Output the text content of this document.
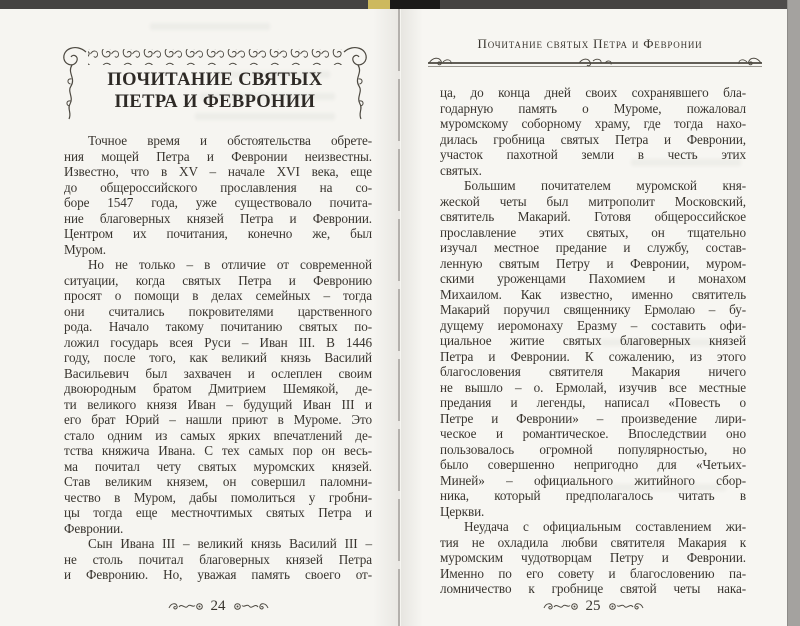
ПОЧИТАНИЕ СВЯТЫХ
ПЕТРА И ФЕВРОНИИ
Точное время и обстоятельства обрете-
ния мощей Петра и Февронии неизвестны.
Известно, что в XV – начале XVI века, еще
до общероссийского прославления на со-
боре 1547 года, уже существовало почита-
ние благоверных князей Петра и Февронии.
Центром их почитания, конечно же, был
Муром.
Но не только – в отличие от современной
ситуации, когда святых Петра и Февронию
просят о помощи в делах семейных – тогда
они считались покровителями царственного
рода. Начало такому почитанию святых по-
ложил государь всея Руси – Иван III. В 1446
году, после того, как великий князь Василий
Васильевич был захвачен и ослеплен своим
двоюродным братом Дмитрием Шемякой, де-
ти великого князя Иван – будущий Иван III и
его брат Юрий – нашли приют в Муроме. Это
стало одним из самых ярких впечатлений де-
тства княжича Ивана. С тех самых пор он весь-
ма почитал чету святых муромских князей.
Став великим князем, он совершил паломни-
чество в Муром, дабы помолиться у гробни-
цы тогда еще местночтимых святых Петра и
Февронии.
Сын Ивана III – великий князь Василий III –
не столь почитал благоверных князей Петра
и Февронию. Но, уважая память своего от-
24
Почитание святых Петра и Февронии
ца, до конца дней своих сохранявшего бла-
годарную память о Муроме, пожаловал
муромскому соборному храму, где тогда нахо-
дилась гробница святых Петра и Февронии,
участок пахотной земли в честь этих
святых.
Большим почитателем муромской кня-
жеской четы был митрополит Московский,
святитель Макарий. Готовя общероссийское
прославление этих святых, он тщательно
изучал местное предание и службу, состав-
ленную святым Петру и Февронии, муром-
скими уроженцами Пахомием и монахом
Михаилом. Как известно, именно святитель
Макарий поручил священнику Ермолаю – бу-
дущему иеромонаху Еразму – составить офи-
циальное житие святых благоверных князей
Петра и Февронии. К сожалению, из этого
благословения святителя Макария ничего
не вышло – о. Ермолай, изучив все местные
предания и легенды, написал «Повесть о
Петре и Февронии» – произведение лири-
ческое и романтическое. Впоследствии оно
пользовалось огромной популярностью, но
было совершенно непригодно для «Четьих-
Миней» – официального житийного сбор-
ника, который предполагалось читать в
Церкви.
Неудача с официальным составлением жи-
тия не охладила любви святителя Макария к
муромским чудотворцам Петру и Февронии.
Именно по его совету и благословению па-
ломничество к гробнице святой четы нака-
25
